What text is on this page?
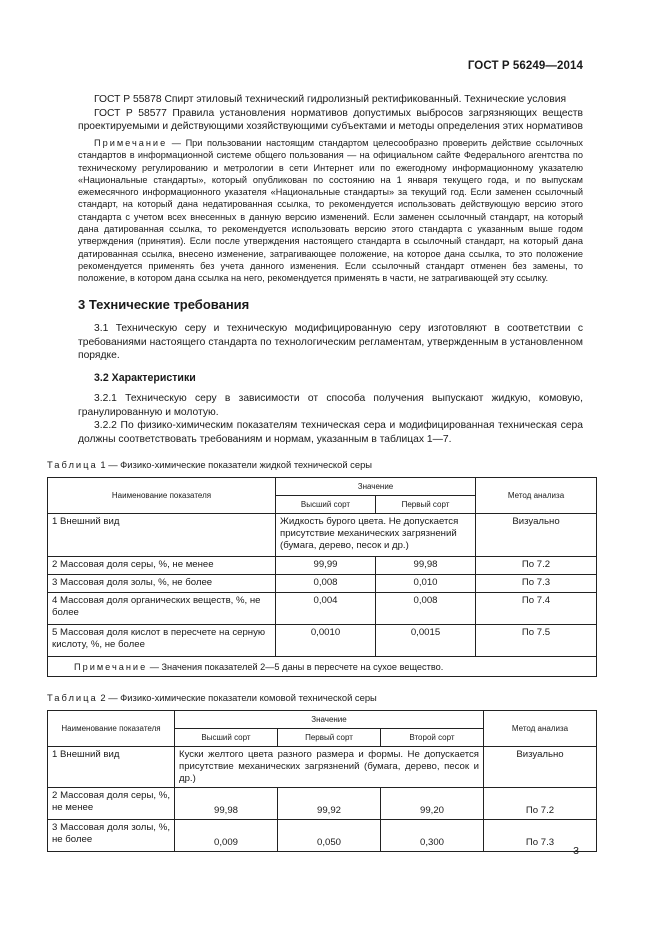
ГОСТ Р 56249—2014

ГОСТ Р 55878 Спирт этиловый технический гидролизный ректификованный. Технические условия

ГОСТ Р 58577 Правила установления нормативов допустимых выбросов загрязняющих веществ проектируемыми и действующими хозяйствующими субъектами и методы определения этих нормативов

Примечание — При пользовании настоящим стандартом целесообразно проверить действие ссылочных стандартов в информационной системе общего пользования — на официальном сайте Федерального агентства по техническому регулированию и метрологии в сети Интернет или по ежегодному информационному указателю «Национальные стандарты», который опубликован по состоянию на 1 января текущего года, и по выпускам ежемесячного информационного указателя «Национальные стандарты» за текущий год. Если заменен ссылочный стандарт, на который дана недатированная ссылка, то рекомендуется использовать действующую версию этого стандарта с учетом всех внесенных в данную версию изменений. Если заменен ссылочный стандарт, на который дана датированная ссылка, то рекомендуется использовать версию этого стандарта с указанным выше годом утверждения (принятия). Если после утверждения настоящего стандарта в ссылочный стандарт, на который дана датированная ссылка, внесено изменение, затрагивающее положение, на которое дана ссылка, то это положение рекомендуется применять без учета данного изменения. Если ссылочный стандарт отменен без замены, то положение, в котором дана ссылка на него, рекомендуется применять в части, не затрагивающей эту ссылку.
3 Технические требования

3.1 Техническую серу и техническую модифицированную серу изготовляют в соответствии с требованиями настоящего стандарта по технологическим регламентам, утвержденным в установленном порядке.

3.2 Характеристики

3.2.1 Техническую серу в зависимости от способа получения выпускают жидкую, комовую, гранулированную и молотую.

3.2.2 По физико-химическим показателям техническая сера и модифицированная техническая сера должны соответствовать требованиям и нормам, указанным в таблицах 1—7.

Таблица 1 — Физико-химические показатели жидкой технической серы
Наименование показателя	Значение		Метод анализа
	Высший сорт	Первый сорт	
1 Внешний вид	Жидкость бурого цвета. Не допускается присутствие механических загрязнений (бумага, дерево, песок и др.)		Визуально
2 Массовая доля серы, %, не менее	99,99	99,98	По 7.2
3 Массовая доля золы, %, не более	0,008	0,010	По 7.3
4 Массовая доля органических веществ, %, не более	0,004	0,008	По 7.4
5 Массовая доля кислот в пересчете на серную кислоту, %, не более	0,0010	0,0015	По 7.5
Примечание — Значения показателей 2—5 даны в пересчете на сухое вещество.			
Таблица 2 — Физико-химические показатели комовой технической серы
Наименование показателя	Значение			Метод анализа
	Высший сорт	Первый сорт	Второй сорт	
1 Внешний вид	Куски желтого цвета разного размера и формы. Не допускается присутствие механических загрязнений (бумага, дерево, песок и др.)			Визуально
2 Массовая доля серы, %, не менее	99,98	99,92	99,20	По 7.2
3 Массовая доля золы, %, не более	0,009	0,050	0,300	По 7.3
3
